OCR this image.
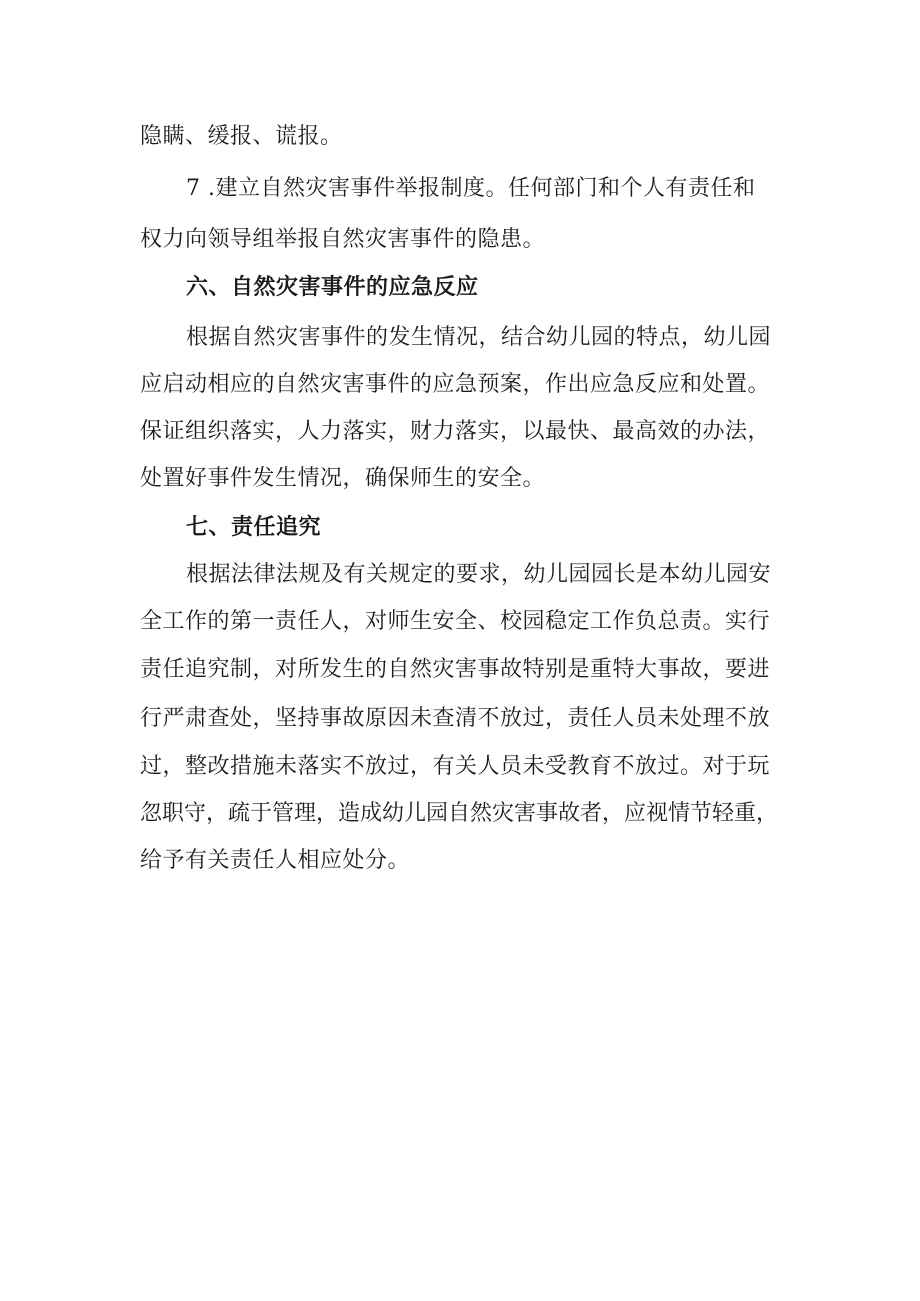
隐瞒、缓报、谎报。
7 .建立自然灾害事件举报制度。任何部门和个人有责任和
权力向领导组举报自然灾害事件的隐患。
六、自然灾害事件的应急反应
根据自然灾害事件的发生情况，结合幼儿园的特点，幼儿园
应启动相应的自然灾害事件的应急预案，作出应急反应和处置。
保证组织落实，人力落实，财力落实，以最快、最高效的办法，
处置好事件发生情况，确保师生的安全。
七、责任追究
根据法律法规及有关规定的要求，幼儿园园长是本幼儿园安
全工作的第一责任人，对师生安全、校园稳定工作负总责。实行
责任追究制，对所发生的自然灾害事故特别是重特大事故，要进
行严肃查处，坚持事故原因未查清不放过，责任人员未处理不放
过，整改措施未落实不放过，有关人员未受教育不放过。对于玩
忽职守，疏于管理，造成幼儿园自然灾害事故者，应视情节轻重，
给予有关责任人相应处分。
